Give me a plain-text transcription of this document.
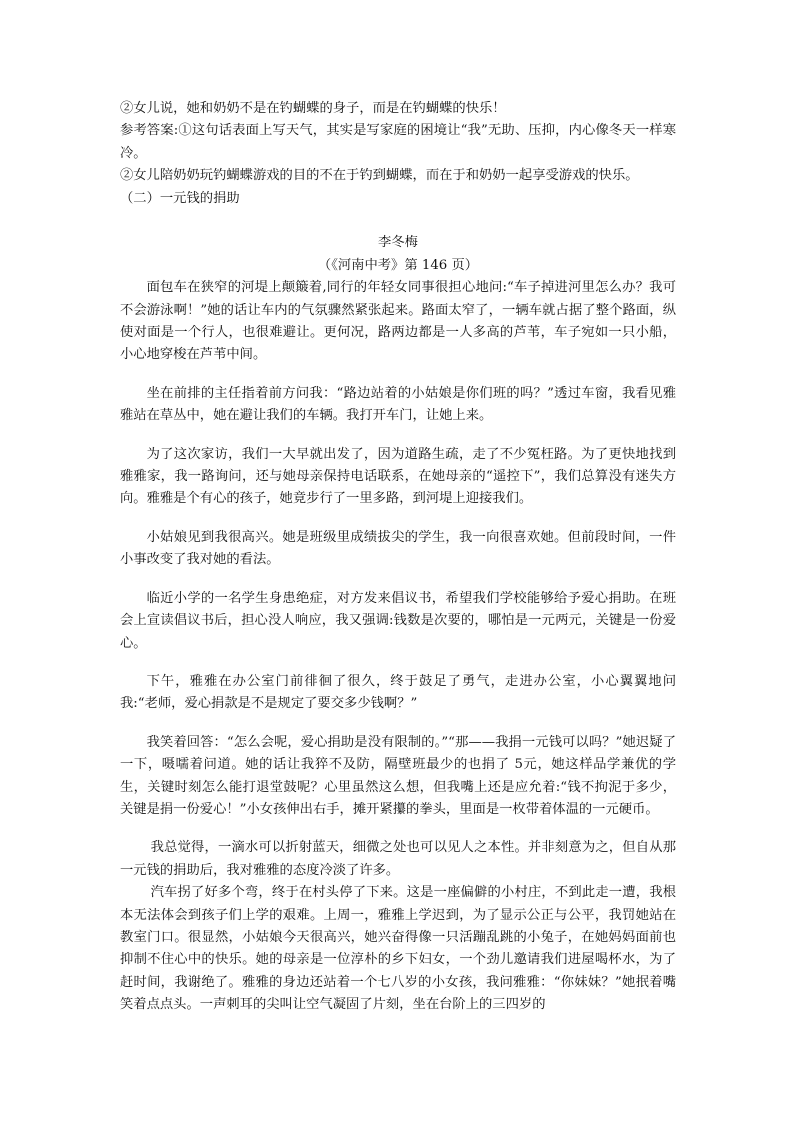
②女儿说，她和奶奶不是在钓蝴蝶的身子，而是在钓蝴蝶的快乐！

参考答案:①这句话表面上写天气，其实是写家庭的困境让“我”无助、压抑，内心像冬天一样寒冷。

②女儿陪奶奶玩钓蝴蝶游戏的目的不在于钓到蝴蝶，而在于和奶奶一起享受游戏的快乐。

（二）一元钱的捐助

李冬梅

（《河南中考》第 146 页）

面包车在狭窄的河堤上颠簸着,同行的年轻女同事很担心地问:“车子掉进河里怎么办？我可不会游泳啊！”她的话让车内的气氛骤然紧张起来。路面太窄了，一辆车就占据了整个路面，纵使对面是一个行人，也很难避让。更何况，路两边都是一人多高的芦苇，车子宛如一只小船，小心地穿梭在芦苇中间。

坐在前排的主任指着前方问我：“路边站着的小姑娘是你们班的吗？”透过车窗，我看见雅雅站在草丛中，她在避让我们的车辆。我打开车门，让她上来。

为了这次家访，我们一大早就出发了，因为道路生疏，走了不少冤枉路。为了更快地找到雅雅家，我一路询问，还与她母亲保持电话联系，在她母亲的“遥控下”，我们总算没有迷失方向。雅雅是个有心的孩子，她竟步行了一里多路，到河堤上迎接我们。

小姑娘见到我很高兴。她是班级里成绩拔尖的学生，我一向很喜欢她。但前段时间，一件小事改变了我对她的看法。

临近小学的一名学生身患绝症，对方发来倡议书，希望我们学校能够给予爱心捐助。在班会上宣读倡议书后，担心没人响应，我又强调:钱数是次要的，哪怕是一元两元，关键是一份爱心。

下午，雅雅在办公室门前徘徊了很久，终于鼓足了勇气，走进办公室，小心翼翼地问我:“老师，爱心捐款是不是规定了要交多少钱啊？”

我笑着回答：“怎么会呢，爱心捐助是没有限制的。”“那——我捐一元钱可以吗？”她迟疑了一下，嗫嚅着问道。她的话让我猝不及防，隔壁班最少的也捐了 5元，她这样品学兼优的学生，关键时刻怎么能打退堂鼓呢？心里虽然这么想，但我嘴上还是应允着:“钱不拘泥于多少，关键是捐一份爱心！”小女孩伸出右手，摊开紧攥的拳头，里面是一枚带着体温的一元硬币。

我总觉得，一滴水可以折射蓝天，细微之处也可以见人之本性。并非刻意为之，但自从那一元钱的捐助后，我对雅雅的态度冷淡了许多。

汽车拐了好多个弯，终于在村头停了下来。这是一座偏僻的小村庄，不到此走一遭，我根本无法体会到孩子们上学的艰难。上周一，雅雅上学迟到，为了显示公正与公平，我罚她站在教室门口。很显然，小姑娘今天很高兴，她兴奋得像一只活蹦乱跳的小兔子，在她妈妈面前也抑制不住心中的快乐。她的母亲是一位淳朴的乡下妇女，一个劲儿邀请我们进屋喝杯水，为了赶时间，我谢绝了。雅雅的身边还站着一个七八岁的小女孩，我问雅雅：“你妹妹？”她抿着嘴笑着点点头。一声刺耳的尖叫让空气凝固了片刻，坐在台阶上的三四岁的
